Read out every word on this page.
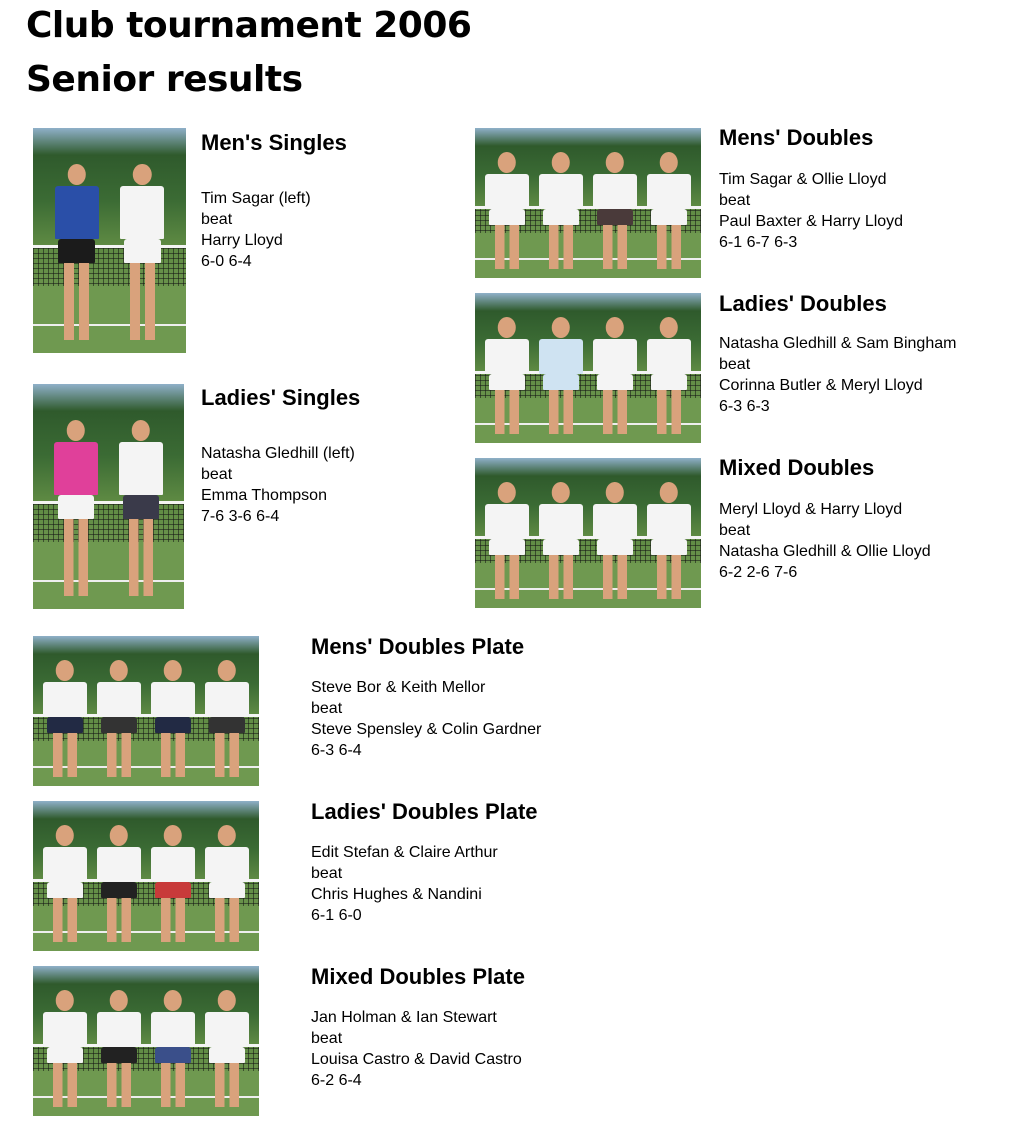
Club tournament 2006
Senior results
Men's Singles
Tim Sagar (left)
beat
Harry Lloyd
6-0 6-4
Ladies' Singles
Natasha Gledhill (left)
beat
Emma Thompson
7-6 3-6 6-4
Mens' Doubles
Tim Sagar & Ollie Lloyd
beat
Paul Baxter & Harry Lloyd
6-1 6-7 6-3
Ladies' Doubles
Natasha Gledhill & Sam Bingham
beat
Corinna Butler & Meryl Lloyd
6-3 6-3
Mixed Doubles
Meryl Lloyd & Harry Lloyd
beat
Natasha Gledhill & Ollie Lloyd
6-2 2-6 7-6
Mens' Doubles Plate
Steve Bor & Keith Mellor
beat
Steve Spensley & Colin Gardner
6-3 6-4
Ladies' Doubles Plate
Edit Stefan & Claire Arthur
beat
Chris Hughes & Nandini
6-1 6-0
Mixed Doubles Plate
Jan Holman & Ian Stewart
beat
Louisa Castro & David Castro
6-2 6-4
